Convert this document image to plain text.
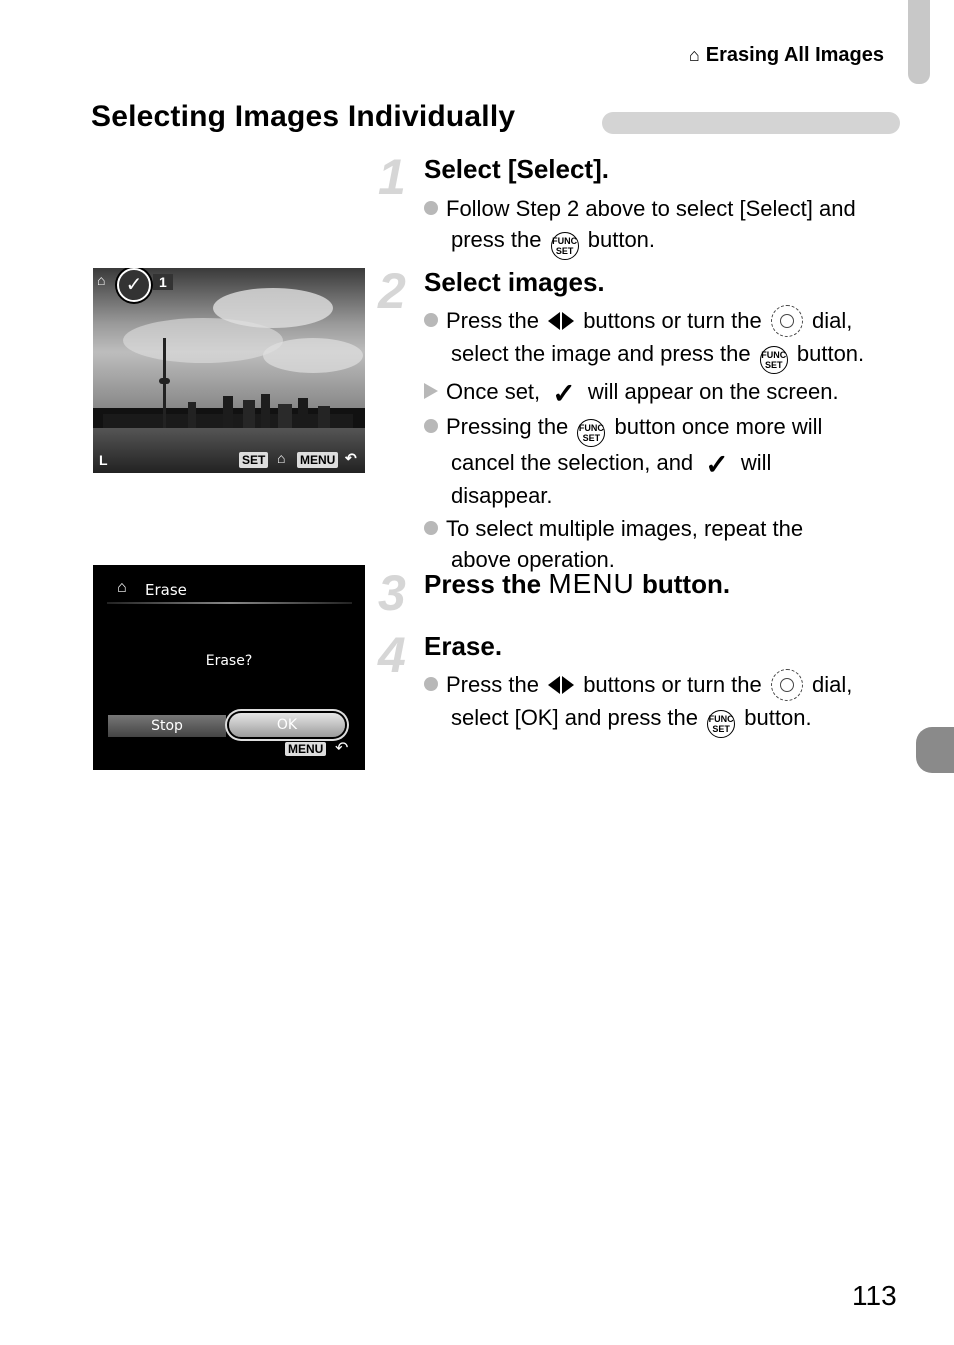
⌂ Erasing All Images
Selecting Images Individually
1 Select [Select].
Follow Step 2 above to select [Select] and
press the FUNC
SET button.
⌂	✓	1
L	SET ⌂ MENU ↶
2 Select images.
Press the buttons or turn the dial,
select the image and press the FUNC
SET button.
Once set, ✓ will appear on the screen.
Pressing the FUNC
SET button once more will
cancel the selection, and ✓ will
disappear.
To select multiple images, repeat the
above operation.
⌂ Erase
Erase?
Stop	OK
MENU ↶
3 Press the MENU button.
4 Erase.
Press the buttons or turn the dial,
select [OK] and press the FUNC
SET button.
113
